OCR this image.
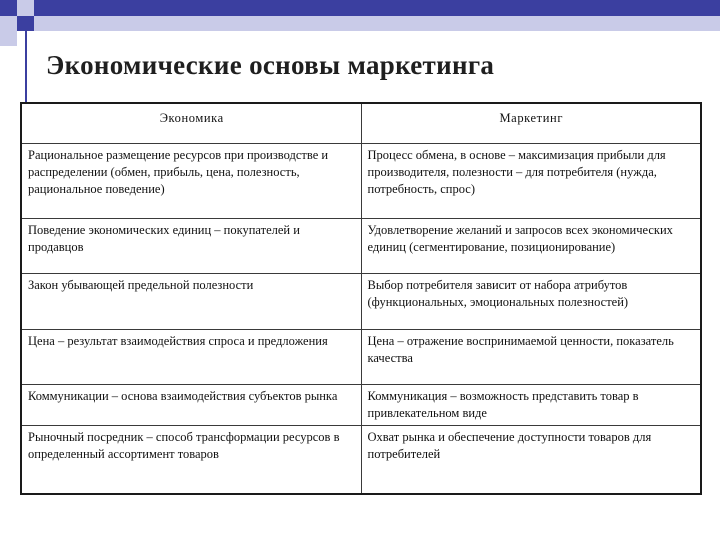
Экономические основы маркетинга
Экономика	Маркетинг
Рациональное размещение ресурсов при производстве и распределении (обмен, прибыль, цена, полезность, рациональное поведение)	Процесс обмена, в основе – максимизация прибыли для производителя, полезности – для потребителя (нужда, потребность, спрос)
Поведение экономических единиц – покупателей и продавцов	Удовлетворение желаний и запросов всех экономических единиц (сегментирование, позиционирование)
Закон убывающей предельной полезности	Выбор потребителя зависит от набора атрибутов (функциональных, эмоциональных полезностей)
Цена – результат взаимодействия спроса и предложения	Цена – отражение воспринимаемой ценности, показатель качества
Коммуникации – основа взаимодействия субъектов рынка	Коммуникация – возможность представить товар в привлекательном виде
Рыночный посредник – способ трансформации ресурсов в определенный ассортимент товаров	Охват рынка и обеспечение доступности товаров для потребителей
